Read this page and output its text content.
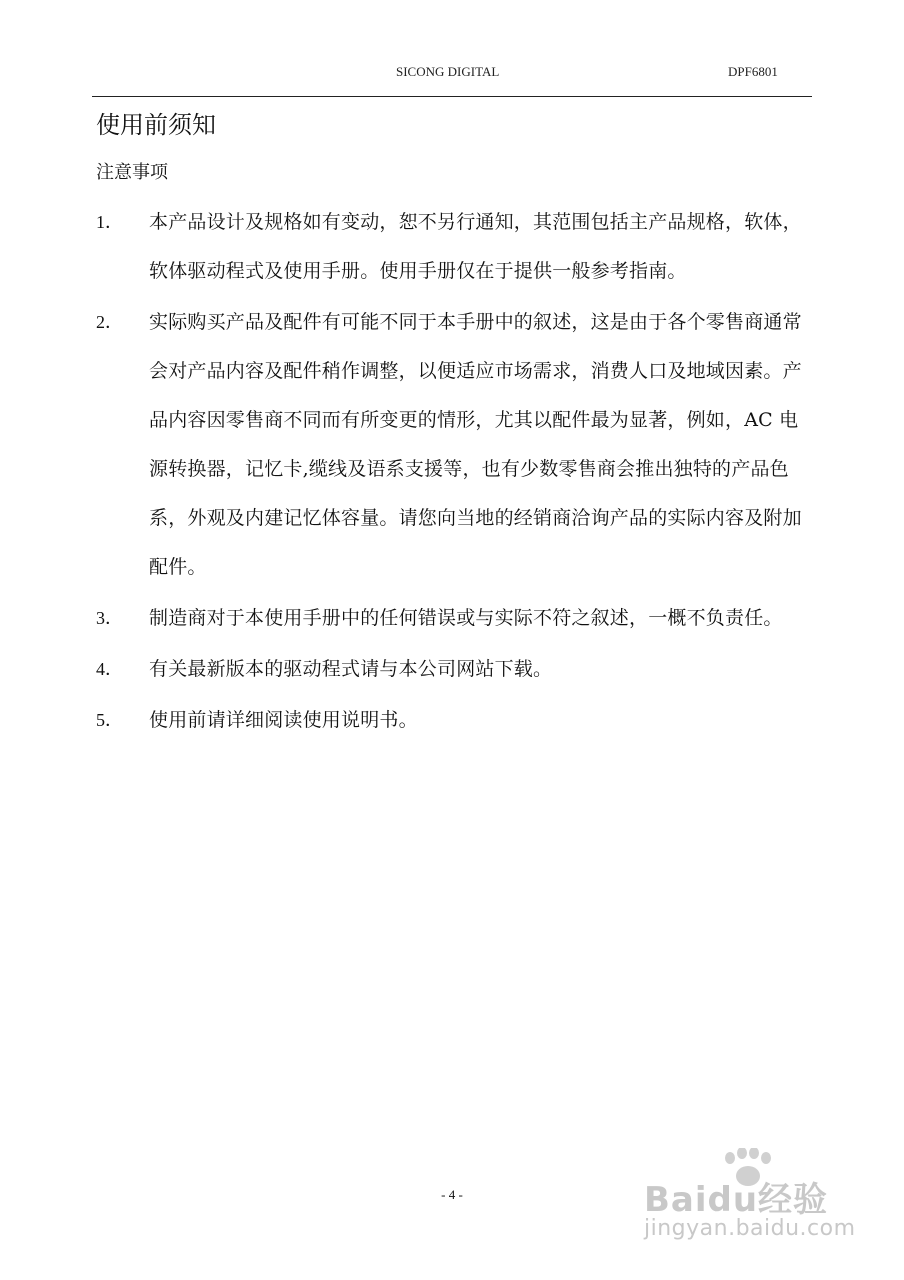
SICONG DIGITAL	DPF6801
使用前须知
注意事项
1．	本产品设计及规格如有变动，恕不另行通知，其范围包括主产品规格，软体，软体驱动程式及使用手册。使用手册仅在于提供一般参考指南。
2．	实际购买产品及配件有可能不同于本手册中的叙述，这是由于各个零售商通常会对产品内容及配件稍作调整，以便适应市场需求，消费人口及地域因素。产品内容因零售商不同而有所变更的情形，尤其以配件最为显著，例如，AC 电源转换器，记忆卡,缆线及语系支援等，也有少数零售商会推出独特的产品色系，外观及内建记忆体容量。请您向当地的经销商洽询产品的实际内容及附加配件。
3．	制造商对于本使用手册中的任何错误或与实际不符之叙述，一概不负责任。
4．	有关最新版本的驱动程式请与本公司网站下载。
5．	使用前请详细阅读使用说明书。
- 4 -	Baidu经验
jingyan.baidu.com
